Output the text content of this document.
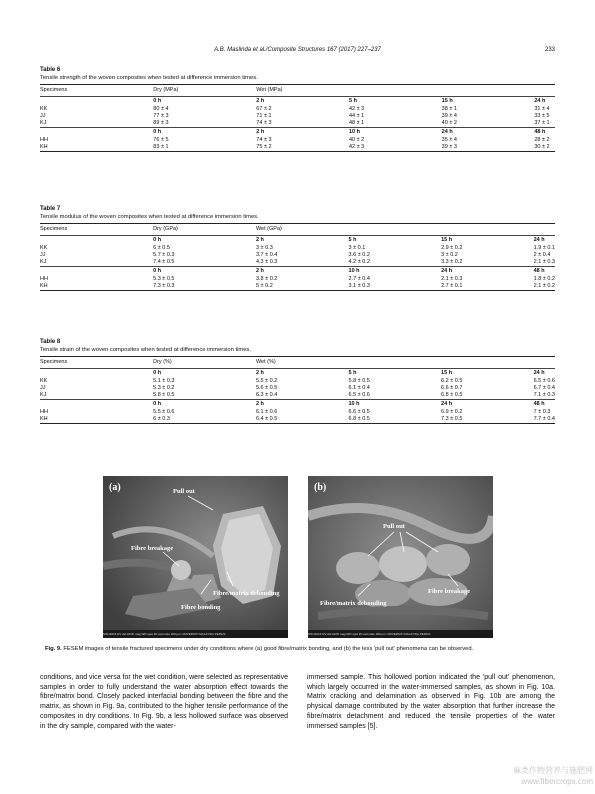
A.B. Maslinda et al./Composite Structures 167 (2017) 227–237	233
Table 6
Tensile strength of the woven composites when tested at difference immersion times.
Specimens	Dry (MPa)	Wet (MPa)			
	0 h	2 h	5 h	15 h	24 h
KK	80 ± 4	67 ± 2	42 ± 3	38 ± 1	31 ± 4
JJ	77 ± 3	71 ± 1	44 ± 1	39 ± 4	33 ± 5
KJ	89 ± 3	74 ± 3	48 ± 1	40 ± 2	37 ± 1
	0 h	2 h	10 h	24 h	48 h
HH	76 ± 5	74 ± 3	40 ± 2	35 ± 4	28 ± 2
KH	83 ± 1	75 ± 2	42 ± 3	39 ± 3	30 ± 2
Table 7
Tensile modulus of the woven composites when tested at difference immersion times.
Specimens	Dry (GPa)	Wet (GPa)			
	0 h	2 h	5 h	15 h	24 h
KK	6 ± 0.5	3 ± 0.3	3 ± 0.1	2.9 ± 0.2	1.9 ± 0.1
JJ	5.7 ± 0.3	3.7 ± 0.4	3.6 ± 0.2	3 ± 0.2	2 ± 0.4
KJ	7.4 ± 0.5	4.3 ± 0.3	4.2 ± 0.2	3.3 ± 0.2	2.1 ± 0.3
	0 h	2 h	10 h	24 h	48 h
HH	5.3 ± 0.5	3.8 ± 0.2	2.7 ± 0.4	2.1 ± 0.3	1.8 ± 0.2
KH	7.3 ± 0.3	5 ± 0.2	3.1 ± 0.3	2.7 ± 0.1	2.1 ± 0.2
Table 8
Tensile strain of the woven composites when tested at difference immersion times.
Specimens	Dry (%)	Wet (%)			
	0 h	2 h	5 h	15 h	24 h
KK	5.1 ± 0.3	5.5 ± 0.2	5.8 ± 0.5	6.2 ± 0.5	6.5 ± 0.6
JJ	5.3 ± 0.2	5.6 ± 0.5	6.1 ± 0.4	6.6 ± 0.7	6.7 ± 0.4
KJ	5.8 ± 0.5	6.3 ± 0.4	6.5 ± 0.6	6.8 ± 0.5	7.1 ± 0.3
	0 h	2 h	10 h	24 h	48 h
HH	5.5 ± 0.6	6.1 ± 0.6	6.6 ± 0.5	6.9 ± 0.2	7 ± 0.3
KH	6 ± 0.3	6.4 ± 0.5	6.8 ± 0.5	7.3 ± 0.5	7.7 ± 0.4
(a)	Pull out
Fibre breakage
Fibre/matrix debonding
Fibre bonding
5/21/2016 HV det HFW mag WD spot tilt vacmode 100 µm UNIVERSITI MALAYSIA PERLIS
(b)
Pull out
Fibre/matrix debonding
Fibre breakage
5/21/2016 HV det HFW mag WD spot tilt vacmode 300 µm UNIVERSITI MALAYSIA PERLIS
Fig. 9. FESEM images of tensile fractured specimens under dry conditions where (a) good fibre/matrix bonding, and (b) the less 'pull out' phenomena can be observed.
conditions, and vice versa for the wet condition, were selected as representative samples in order to fully understand the water absorption effect towards the fibre/matrix bond. Closely packed interfacial bonding between the fibre and the matrix, as shown in Fig. 9a, contributed to the higher tensile performance of the composites in dry conditions. In Fig. 9b, a less hollowed surface was observed in the dry sample, compared with the water-
immersed sample. This hollowed portion indicated the 'pull out' phenomenon, which largely occurred in the water-immersed samples, as shown in Fig. 10a. Matrix cracking and delamination as observed in Fig. 10b are among the physical damage contributed by the water absorption that further increase the fibre/matrix detachment and reduced the tensile properties of the water immersed samples [5].
麻类作物营养与施肥网
www.fibercrops.com
